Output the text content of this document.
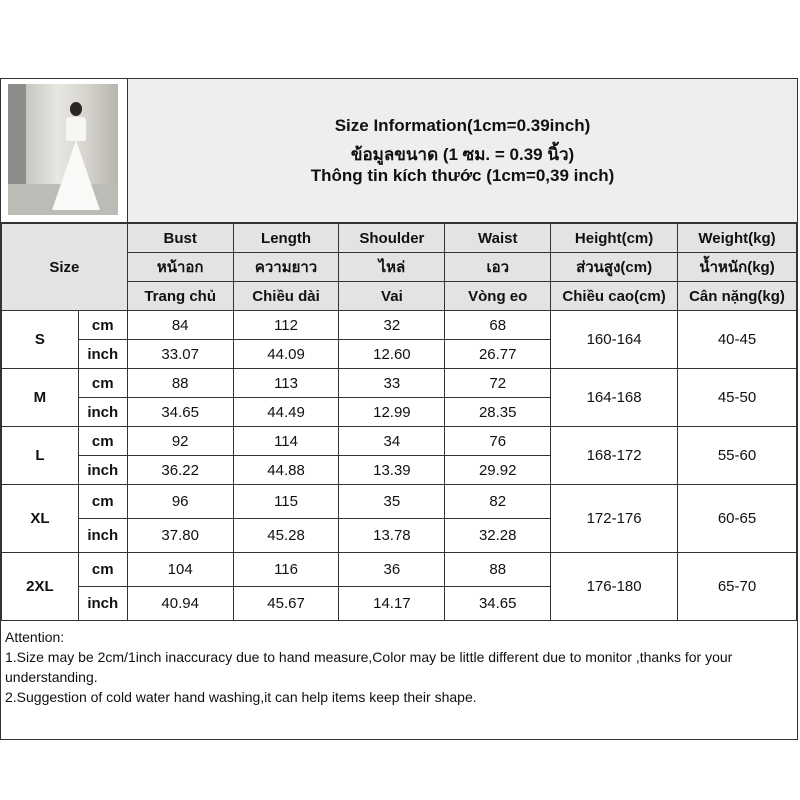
Size Information(1cm=0.39inch)
ข้อมูลขนาด (1 ซม. = 0.39 นิ้ว)
Thông tin kích thước (1cm=0,39 inch)
Size		Bust	Length	Shoulder	Waist	Height(cm)	Weight(kg)
		หน้าอก	ความยาว	ไหล่	เอว	ส่วนสูง(cm)	น้ำหนัก(kg)
		Trang chủ	Chiều dài	Vai	Vòng eo	Chiều cao(cm)	Cân nặng(kg)
S	cm	84	112	32	68	160-164	40-45
	inch	33.07	44.09	12.60	26.77		
M	cm	88	113	33	72	164-168	45-50
	inch	34.65	44.49	12.99	28.35		
L	cm	92	114	34	76	168-172	55-60
	inch	36.22	44.88	13.39	29.92		
XL	cm	96	115	35	82	172-176	60-65
	inch	37.80	45.28	13.78	32.28		
2XL	cm	104	116	36	88	176-180	65-70
	inch	40.94	45.67	14.17	34.65		
Attention:
1.Size may be 2cm/1inch inaccuracy due to hand measure,Color may be little different due to monitor ,thanks for your understanding.
2.Suggestion of cold water hand washing,it can help items keep their shape.
